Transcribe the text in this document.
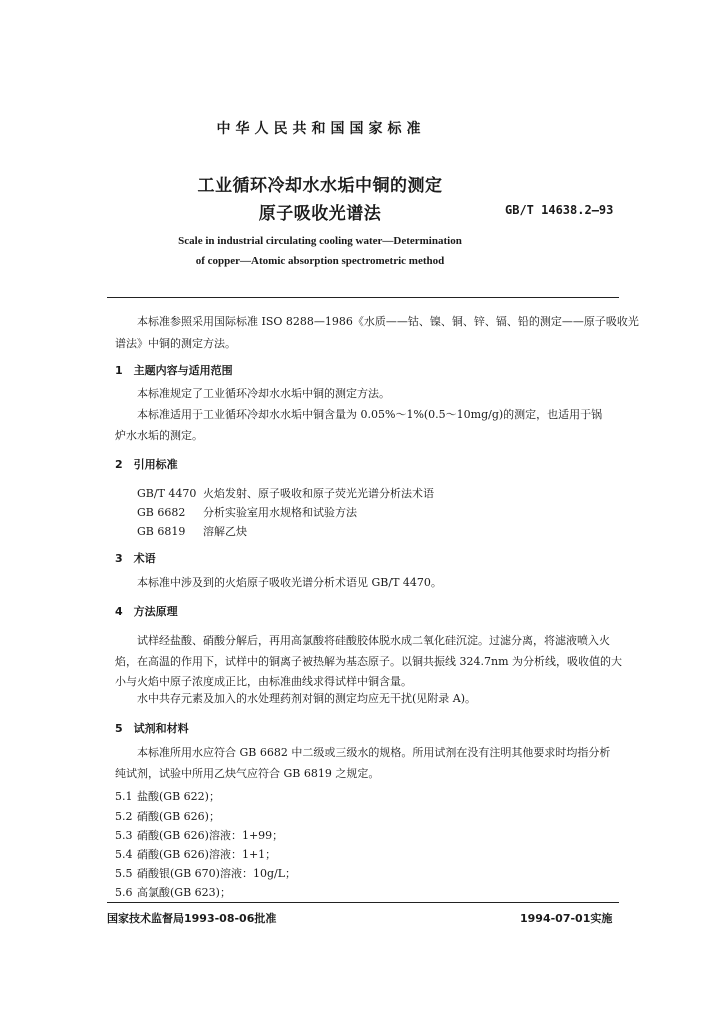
中华人民共和国国家标准
工业循环冷却水水垢中铜的测定
原子吸收光谱法	GB/T 14638.2—93
Scale in industrial circulating cooling water—Determination
of copper—Atomic absorption spectrometric method
本标准参照采用国际标准 ISO 8288—1986《水质——钴、镍、铜、锌、镉、铅的测定——原子吸收光
谱法》中铜的测定方法。
1　主题内容与适用范围
本标准规定了工业循环冷却水水垢中铜的测定方法。
本标准适用于工业循环冷却水水垢中铜含量为 0.05%～1%(0.5～10mg/g)的测定，也适用于锅
炉水水垢的测定。
2　引用标准
GB/T 4470 火焰发射、原子吸收和原子荧光光谱分析法术语
GB 6682 分析实验室用水规格和试验方法
GB 6819 溶解乙炔
3　术语
本标准中涉及到的火焰原子吸收光谱分析术语见 GB/T 4470。
4　方法原理
试样经盐酸、硝酸分解后，再用高氯酸将硅酸胶体脱水成二氧化硅沉淀。过滤分离，将滤液喷入火
焰，在高温的作用下，试样中的铜离子被热解为基态原子。以铜共振线 324.7nm 为分析线，吸收值的大
小与火焰中原子浓度成正比，由标准曲线求得试样中铜含量。
水中共存元素及加入的水处理药剂对铜的测定均应无干扰(见附录 A)。
5　试剂和材料
本标准所用水应符合 GB 6682 中二级或三级水的规格。所用试剂在没有注明其他要求时均指分析
纯试剂，试验中所用乙炔气应符合 GB 6819 之规定。
5.1 盐酸(GB 622)；
5.2 硝酸(GB 626)；
5.3 硝酸(GB 626)溶液：1+99；
5.4 硝酸(GB 626)溶液：1+1；
5.5 硝酸银(GB 670)溶液：10g/L；
5.6 高氯酸(GB 623)；
国家技术监督局1993-08-06批准	1994-07-01实施
